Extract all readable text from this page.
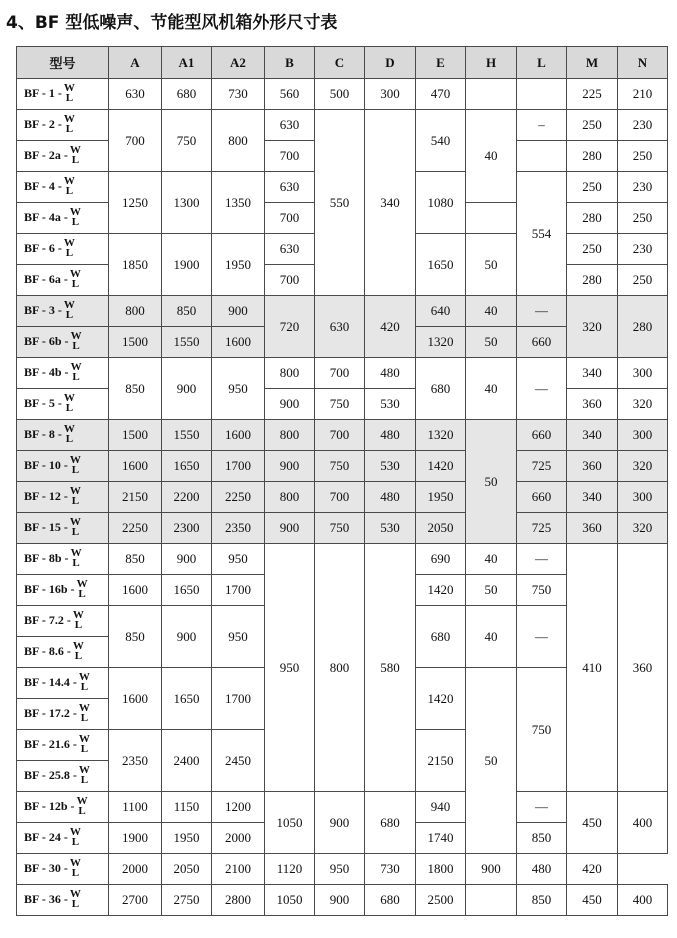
4、BF 型低噪声、节能型风机箱外形尺寸表
型号	A	A1	A2	B	C	D	E	H	L	M	N
BF - 1 - W
L	630	680	730	560	500	300	470			225	210
BF - 2 - W
L	700	750	800	630	550	340	540	40	–	250	230
BF - 2a - W
L				700						280	250
BF - 4 - W
L	1250	1300	1350	630			1080		554	250	230
BF - 4a - W
L				700						280	250
BF - 6 - W
L	1850	1900	1950	630			1650	50		250	230
BF - 6a - W
L				700						280	250
BF - 3 - W
L	800	850	900	720	630	420	640	40	—	320	280
BF - 6b - W
L	1500	1550	1600				1320	50	660		
BF - 4b - W
L	850	900	950	800	700	480	680	40	—	340	300
BF - 5 - W
L				900	750	530				360	320
BF - 8 - W
L	1500	1550	1600	800	700	480	1320	50	660	340	300
BF - 10 - W
L	1600	1650	1700	900	750	530	1420		725	360	320
BF - 12 - W
L	2150	2200	2250	800	700	480	1950		660	340	300
BF - 15 - W
L	2250	2300	2350	900	750	530	2050		725	360	320
BF - 8b - W
L	850	900	950	950	800	580	690	40	—	410	360
BF - 16b - W
L	1600	1650	1700				1420	50	750		
BF - 7.2 - W
L	850	900	950				680	40	—		
BF - 8.6 - W
L											

BF - 14.4 - W
L	1600	1650	1700				1420	50	750		
BF - 17.2 - W
L											

BF - 21.6 - W
L	2350	2400	2450				2150				
BF - 25.8 - W
L											

BF - 12b - W
L	1100	1150	1200	1050	900	680	940		—	450	400
BF - 24 - W
L	1900	1950	2000				1740		850		
BF - 30 - W
L	2000	2050	2100	1120	950	730	1800	900	480	420	
BF - 36 - W
L	2700	2750	2800	1050	900	680	2500		850	450	400
